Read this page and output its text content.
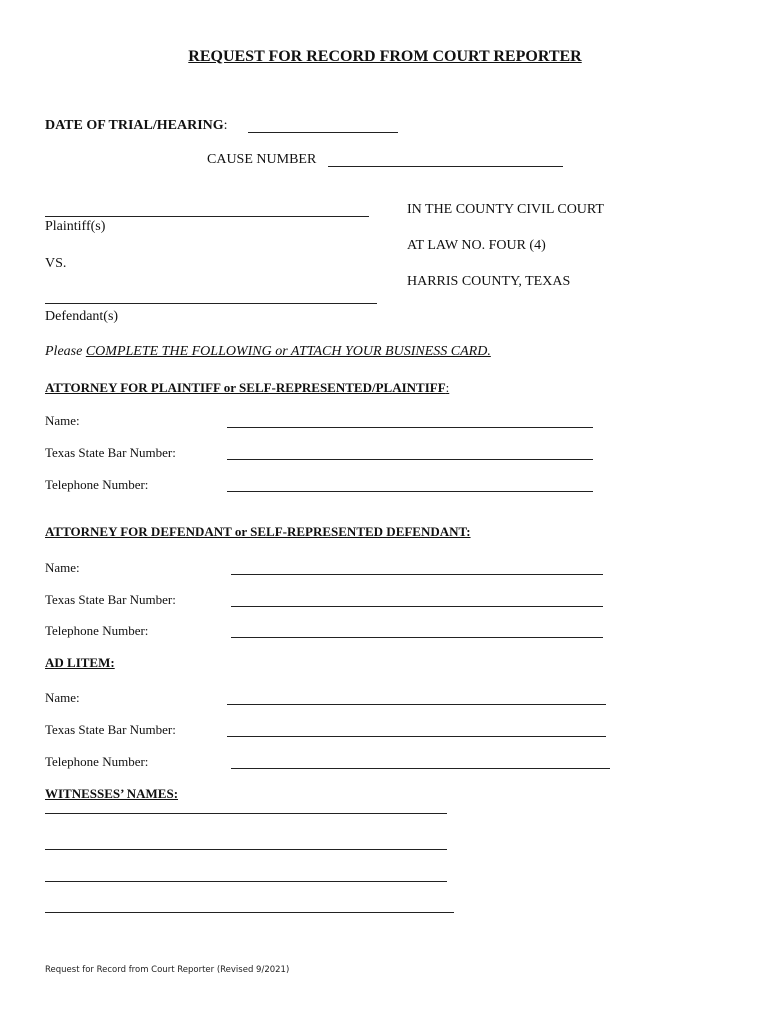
REQUEST FOR RECORD FROM COURT REPORTER
DATE OF TRIAL/HEARING:
CAUSE NUMBER
Plaintiff(s)
VS.
Defendant(s)
IN THE COUNTY CIVIL COURT
AT LAW NO. FOUR (4)
HARRIS COUNTY, TEXAS
Please COMPLETE THE FOLLOWING or ATTACH YOUR BUSINESS CARD.
ATTORNEY FOR PLAINTIFF or SELF-REPRESENTED/PLAINTIFF:
Name:
Texas State Bar Number:
Telephone Number:
ATTORNEY FOR DEFENDANT or SELF-REPRESENTED DEFENDANT:
Name:
Texas State Bar Number:
Telephone Number:
AD LITEM:
Name:
Texas State Bar Number:
Telephone Number:
WITNESSES’ NAMES:
Request for Record from Court Reporter (Revised 9/2021)
